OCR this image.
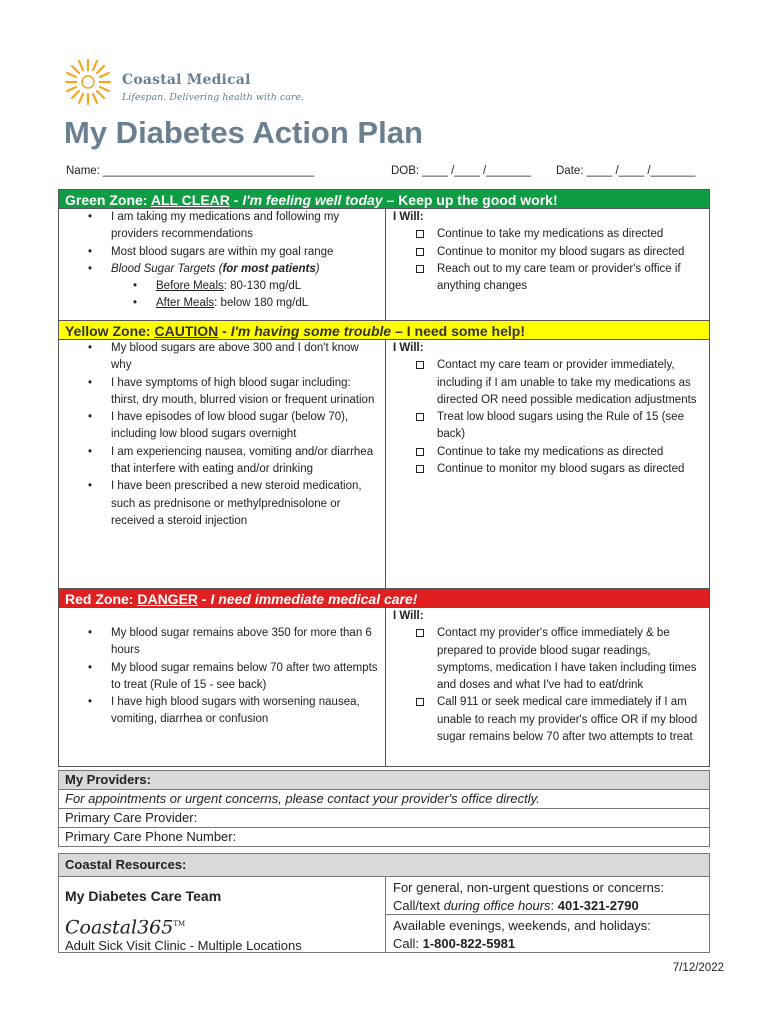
Coastal Medical
Lifespan. Delivering health with care.
My Diabetes Action Plan
Name: _________________________________	DOB: ____ /____ /_______ Date: ____ /____ /_______
Green Zone: ALL CLEAR - I'm feeling well today – Keep up the good work!
• I am taking my medications and following my providers recommendations
• Most blood sugars are within my goal range
• Blood Sugar Targets (for most patients)
• Before Meals: 80-130 mg/dL
• After Meals: below 180 mg/dL
I Will:
Continue to take my medications as directed
Continue to monitor my blood sugars as directed
Reach out to my care team or provider's office if anything changes
Yellow Zone: CAUTION - I'm having some trouble – I need some help!
• My blood sugars are above 300 and I don't know why
• I have symptoms of high blood sugar including: thirst, dry mouth, blurred vision or frequent urination
• I have episodes of low blood sugar (below 70), including low blood sugars overnight
• I am experiencing nausea, vomiting and/or diarrhea that interfere with eating and/or drinking
• I have been prescribed a new steroid medication, such as prednisone or methylprednisolone or received a steroid injection
I Will:
Contact my care team or provider immediately, including if I am unable to take my medications as directed OR need possible medication adjustments
Treat low blood sugars using the Rule of 15 (see back)
Continue to take my medications as directed
Continue to monitor my blood sugars as directed
Red Zone: DANGER - I need immediate medical care!
• My blood sugar remains above 350 for more than 6 hours
• My blood sugar remains below 70 after two attempts to treat (Rule of 15 - see back)
• I have high blood sugars with worsening nausea, vomiting, diarrhea or confusion
I Will:
Contact my provider's office immediately & be prepared to provide blood sugar readings, symptoms, medication I have taken including times and doses and what I've had to eat/drink
Call 911 or seek medical care immediately if I am unable to reach my provider's office OR if my blood sugar remains below 70 after two attempts to treat
My Providers:
For appointments or urgent concerns, please contact your provider's office directly.
Primary Care Provider:
Primary Care Phone Number:
Coastal Resources:
My Diabetes Care Team
Coastal365™
Adult Sick Visit Clinic - Multiple Locations
For general, non-urgent questions or concerns:
Call/text during office hours: 401-321-2790
Available evenings, weekends, and holidays:
Call: 1-800-822-5981
7/12/2022
